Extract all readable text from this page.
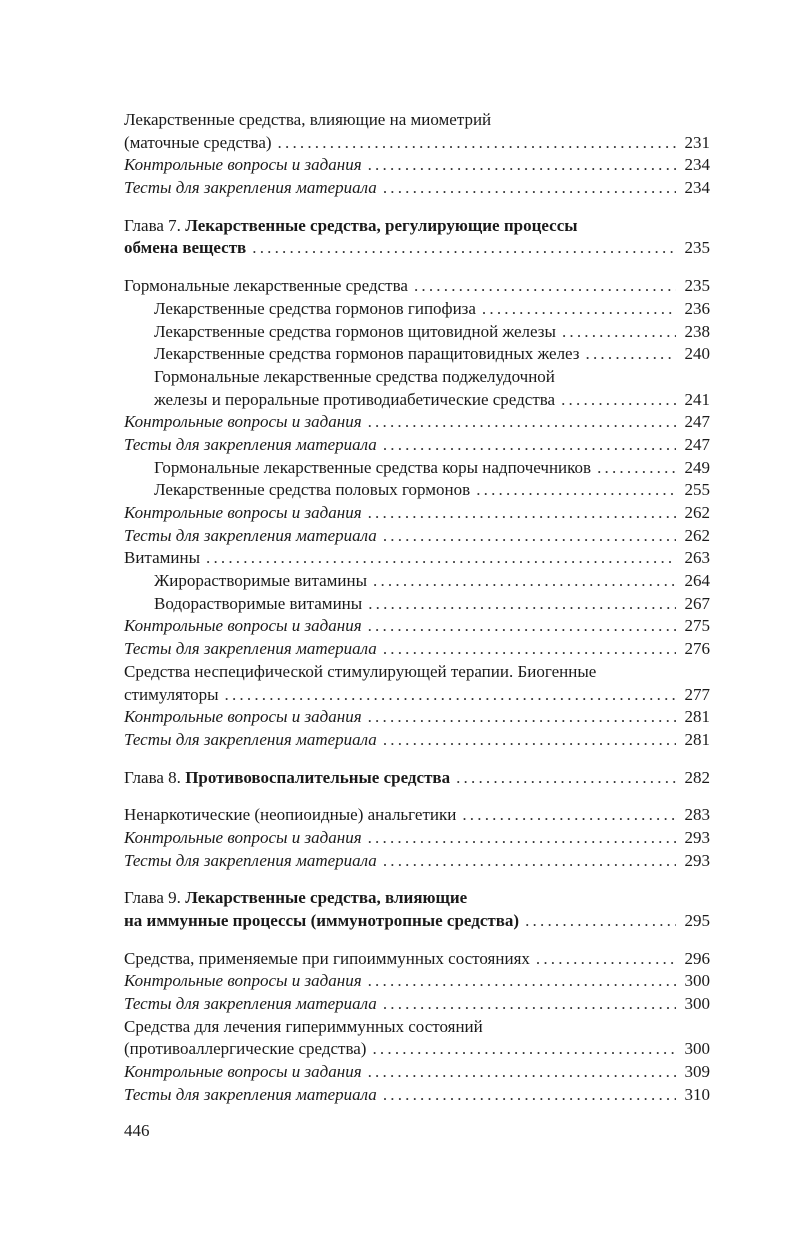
Лекарственные средства, влияющие на миометрий
(маточные средства) .....	231
Контрольные вопросы и задания .....	234
Тесты для закрепления материала .....	234
Глава 7. Лекарственные средства, регулирующие процессы
обмена веществ .....	235
Гормональные лекарственные средства .....	235
Лекарственные средства гормонов гипофиза .....	236
Лекарственные средства гормонов щитовидной железы .....	238
Лекарственные средства гормонов паращитовидных желез .....	240
Гормональные лекарственные средства поджелудочной
железы и пероральные противодиабетические средства .....	241
Контрольные вопросы и задания .....	247
Тесты для закрепления материала .....	247
Гормональные лекарственные средства коры надпочечников .....	249
Лекарственные средства половых гормонов .....	255
Контрольные вопросы и задания .....	262
Тесты для закрепления материала .....	262
Витамины .....	263
Жирорастворимые витамины .....	264
Водорастворимые витамины .....	267
Контрольные вопросы и задания .....	275
Тесты для закрепления материала .....	276
Средства неспецифической стимулирующей терапии. Биогенные
стимуляторы .....	277
Контрольные вопросы и задания .....	281
Тесты для закрепления материала .....	281
Глава 8. Противовоспалительные средства .....	282
Ненаркотические (неопиоидные) анальгетики .....	283
Контрольные вопросы и задания .....	293
Тесты для закрепления материала .....	293
Глава 9. Лекарственные средства, влияющие
на иммунные процессы (иммунотропные средства) .....	295
Средства, применяемые при гипоиммунных состояниях .....	296
Контрольные вопросы и задания .....	300
Тесты для закрепления материала .....	300
Средства для лечения гипериммунных состояний
(противоаллергические средства) .....	300
Контрольные вопросы и задания .....	309
Тесты для закрепления материала .....	310
446
